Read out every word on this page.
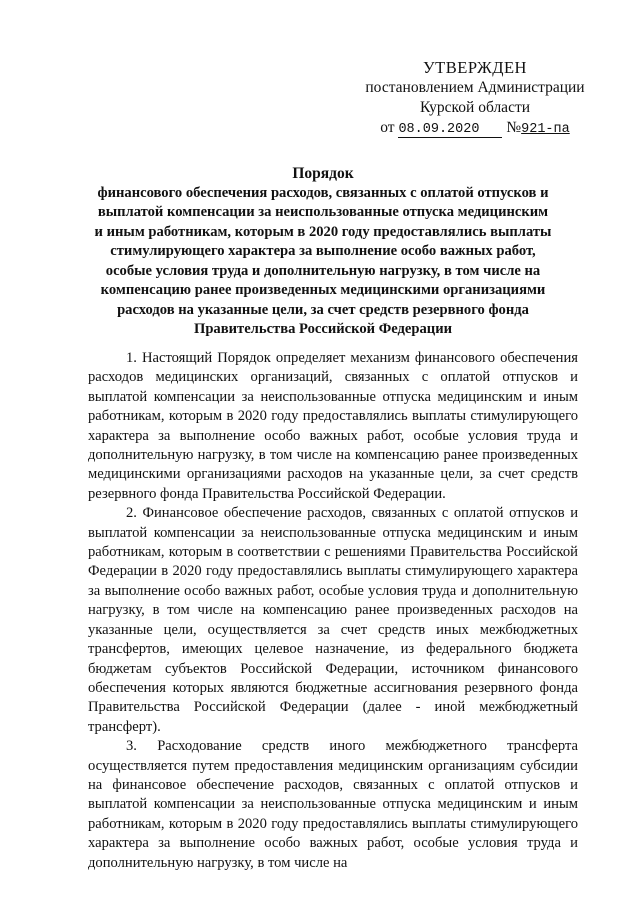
УТВЕРЖДЕН
постановлением Администрации
Курской области
от 08.09.2020 №921-па
Порядок
финансового обеспечения расходов, связанных с оплатой отпусков и выплатой компенсации за неиспользованные отпуска медицинским и иным работникам, которым в 2020 году предоставлялись выплаты стимулирующего характера за выполнение особо важных работ, особые условия труда и дополнительную нагрузку, в том числе на компенсацию ранее произведенных медицинскими организациями расходов на указанные цели, за счет средств резервного фонда Правительства Российской Федерации

1. Настоящий Порядок определяет механизм финансового обеспечения расходов медицинских организаций, связанных с оплатой отпусков и выплатой компенсации за неиспользованные отпуска медицинским и иным работникам, которым в 2020 году предоставлялись выплаты стимулирующего характера за выполнение особо важных работ, особые условия труда и дополнительную нагрузку, в том числе на компенсацию ранее произведенных медицинскими организациями расходов на указанные цели, за счет средств резервного фонда Правительства Российской Федерации.

2. Финансовое обеспечение расходов, связанных с оплатой отпусков и выплатой компенсации за неиспользованные отпуска медицинским и иным работникам, которым в соответствии с решениями Правительства Российской Федерации в 2020 году предоставлялись выплаты стимулирующего характера за выполнение особо важных работ, особые условия труда и дополнительную нагрузку, в том числе на компенсацию ранее произведенных расходов на указанные цели, осуществляется за счет средств иных межбюджетных трансфертов, имеющих целевое назначение, из федерального бюджета бюджетам субъектов Российской Федерации, источником финансового обеспечения которых являются бюджетные ассигнования резервного фонда Правительства Российской Федерации (далее - иной межбюджетный трансферт).

3. Расходование средств иного межбюджетного трансферта осуществляется путем предоставления медицинским организациям субсидии на финансовое обеспечение расходов, связанных с оплатой отпусков и выплатой компенсации за неиспользованные отпуска медицинским и иным работникам, которым в 2020 году предоставлялись выплаты стимулирующего характера за выполнение особо важных работ, особые условия труда и дополнительную нагрузку, в том числе на
